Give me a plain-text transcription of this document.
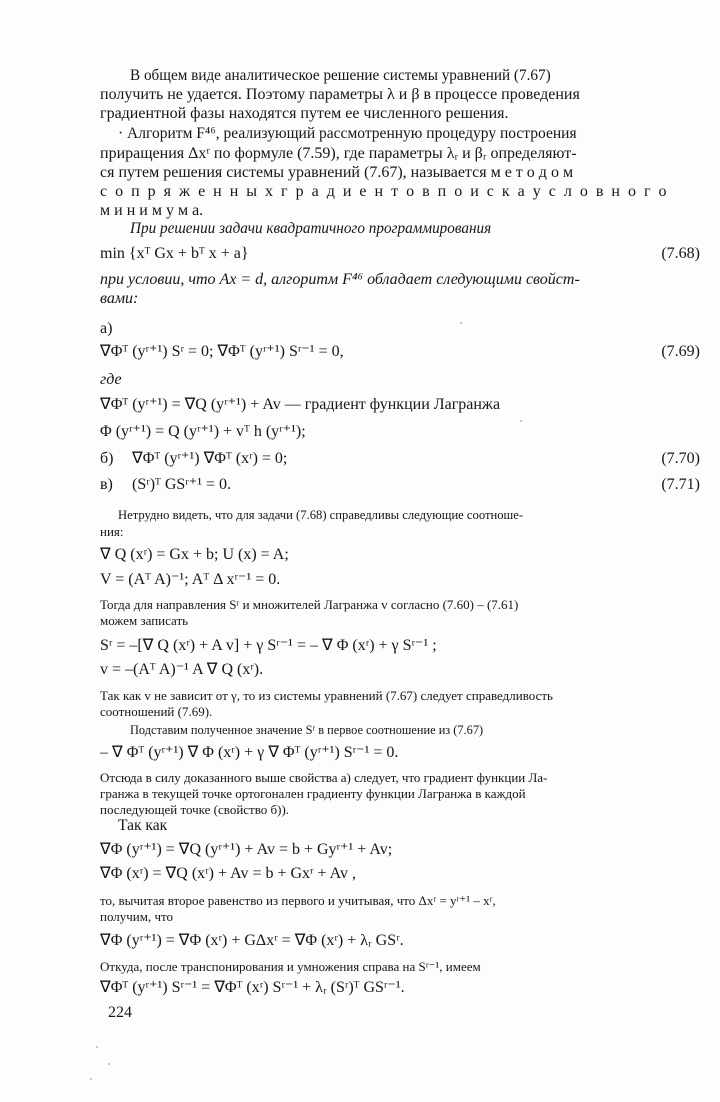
В общем виде аналитическое решение системы уравнений (7.67)
получить не удается. Поэтому параметры λ и β в процессе проведения
градиентной фазы находятся путем ее численного решения.
· Алгоритм F⁴⁶, реализующий рассмотренную процедуру построения
приращения Δxʳ по формуле (7.59), где параметры λᵣ и βᵣ определяют-
ся путем решения системы уравнений (7.67), называется м е т о д о м
с о п р я ж е н н ы х г р а д и е н т о в п о и с к а у с л о в н о г о
м и н и м у м а.
При решении задачи квадратичного программирования
min {xᵀ Gx + bᵀ x + a}	(7.68)
при условии, что Ax = d, алгоритм F⁴⁶ обладает следующими свойст-
вами:
а)
∇Φᵀ (yʳ⁺¹) Sʳ = 0; ∇Φᵀ (yʳ⁺¹) Sʳ⁻¹ = 0,	(7.69)
где
∇Φᵀ (yʳ⁺¹) = ∇Q (yʳ⁺¹) + Av — градиент функции Лагранжа
Φ (yʳ⁺¹) = Q (yʳ⁺¹) + vᵀ h (yʳ⁺¹);
б) ∇Φᵀ (yʳ⁺¹) ∇Φᵀ (xʳ) = 0;	(7.70)
в) (Sʳ)ᵀ GSʳ⁺¹ = 0.	(7.71)
Нетрудно видеть, что для задачи (7.68) справедливы следующие соотноше-
ния:
∇ Q (xʳ) = Gx + b; U (x) = A;
V = (Aᵀ A)⁻¹; Aᵀ Δ xʳ⁻¹ = 0.
Тогда для направления Sʳ и множителей Лагранжа v согласно (7.60) – (7.61)
можем записать
Sʳ = –[∇ Q (xʳ) + A v] + γ Sʳ⁻¹ = – ∇ Φ (xʳ) + γ Sʳ⁻¹ ;
v = –(Aᵀ A)⁻¹ A ∇ Q (xʳ).
Так как v не зависит от γ, то из системы уравнений (7.67) следует справедливость
соотношений (7.69).
Подставим полученное значение Sʳ в первое соотношение из (7.67)
– ∇ Φᵀ (yʳ⁺¹) ∇ Φ (xʳ) + γ ∇ Φᵀ (yʳ⁺¹) Sʳ⁻¹ = 0.
Отсюда в силу доказанного выше свойства а) следует, что градиент функции Ла-
гранжа в текущей точке ортогонален градиенту функции Лагранжа в каждой
последующей точке (свойство б)).
Так как
∇Φ (yʳ⁺¹) = ∇Q (yʳ⁺¹) + Av = b + Gyʳ⁺¹ + Av;
∇Φ (xʳ) = ∇Q (xʳ) + Av = b + Gxʳ + Av ,
то, вычитая второе равенство из первого и учитывая, что Δxʳ = yʳ⁺¹ – xʳ,
получим, что
∇Φ (yʳ⁺¹) = ∇Φ (xʳ) + GΔxʳ = ∇Φ (xʳ) + λᵣ GSʳ.
Откуда, после транспонирования и умножения справа на Sʳ⁻¹, имеем
∇Φᵀ (yʳ⁺¹) Sʳ⁻¹ = ∇Φᵀ (xʳ) Sʳ⁻¹ + λᵣ (Sʳ)ᵀ GSʳ⁻¹.
224
